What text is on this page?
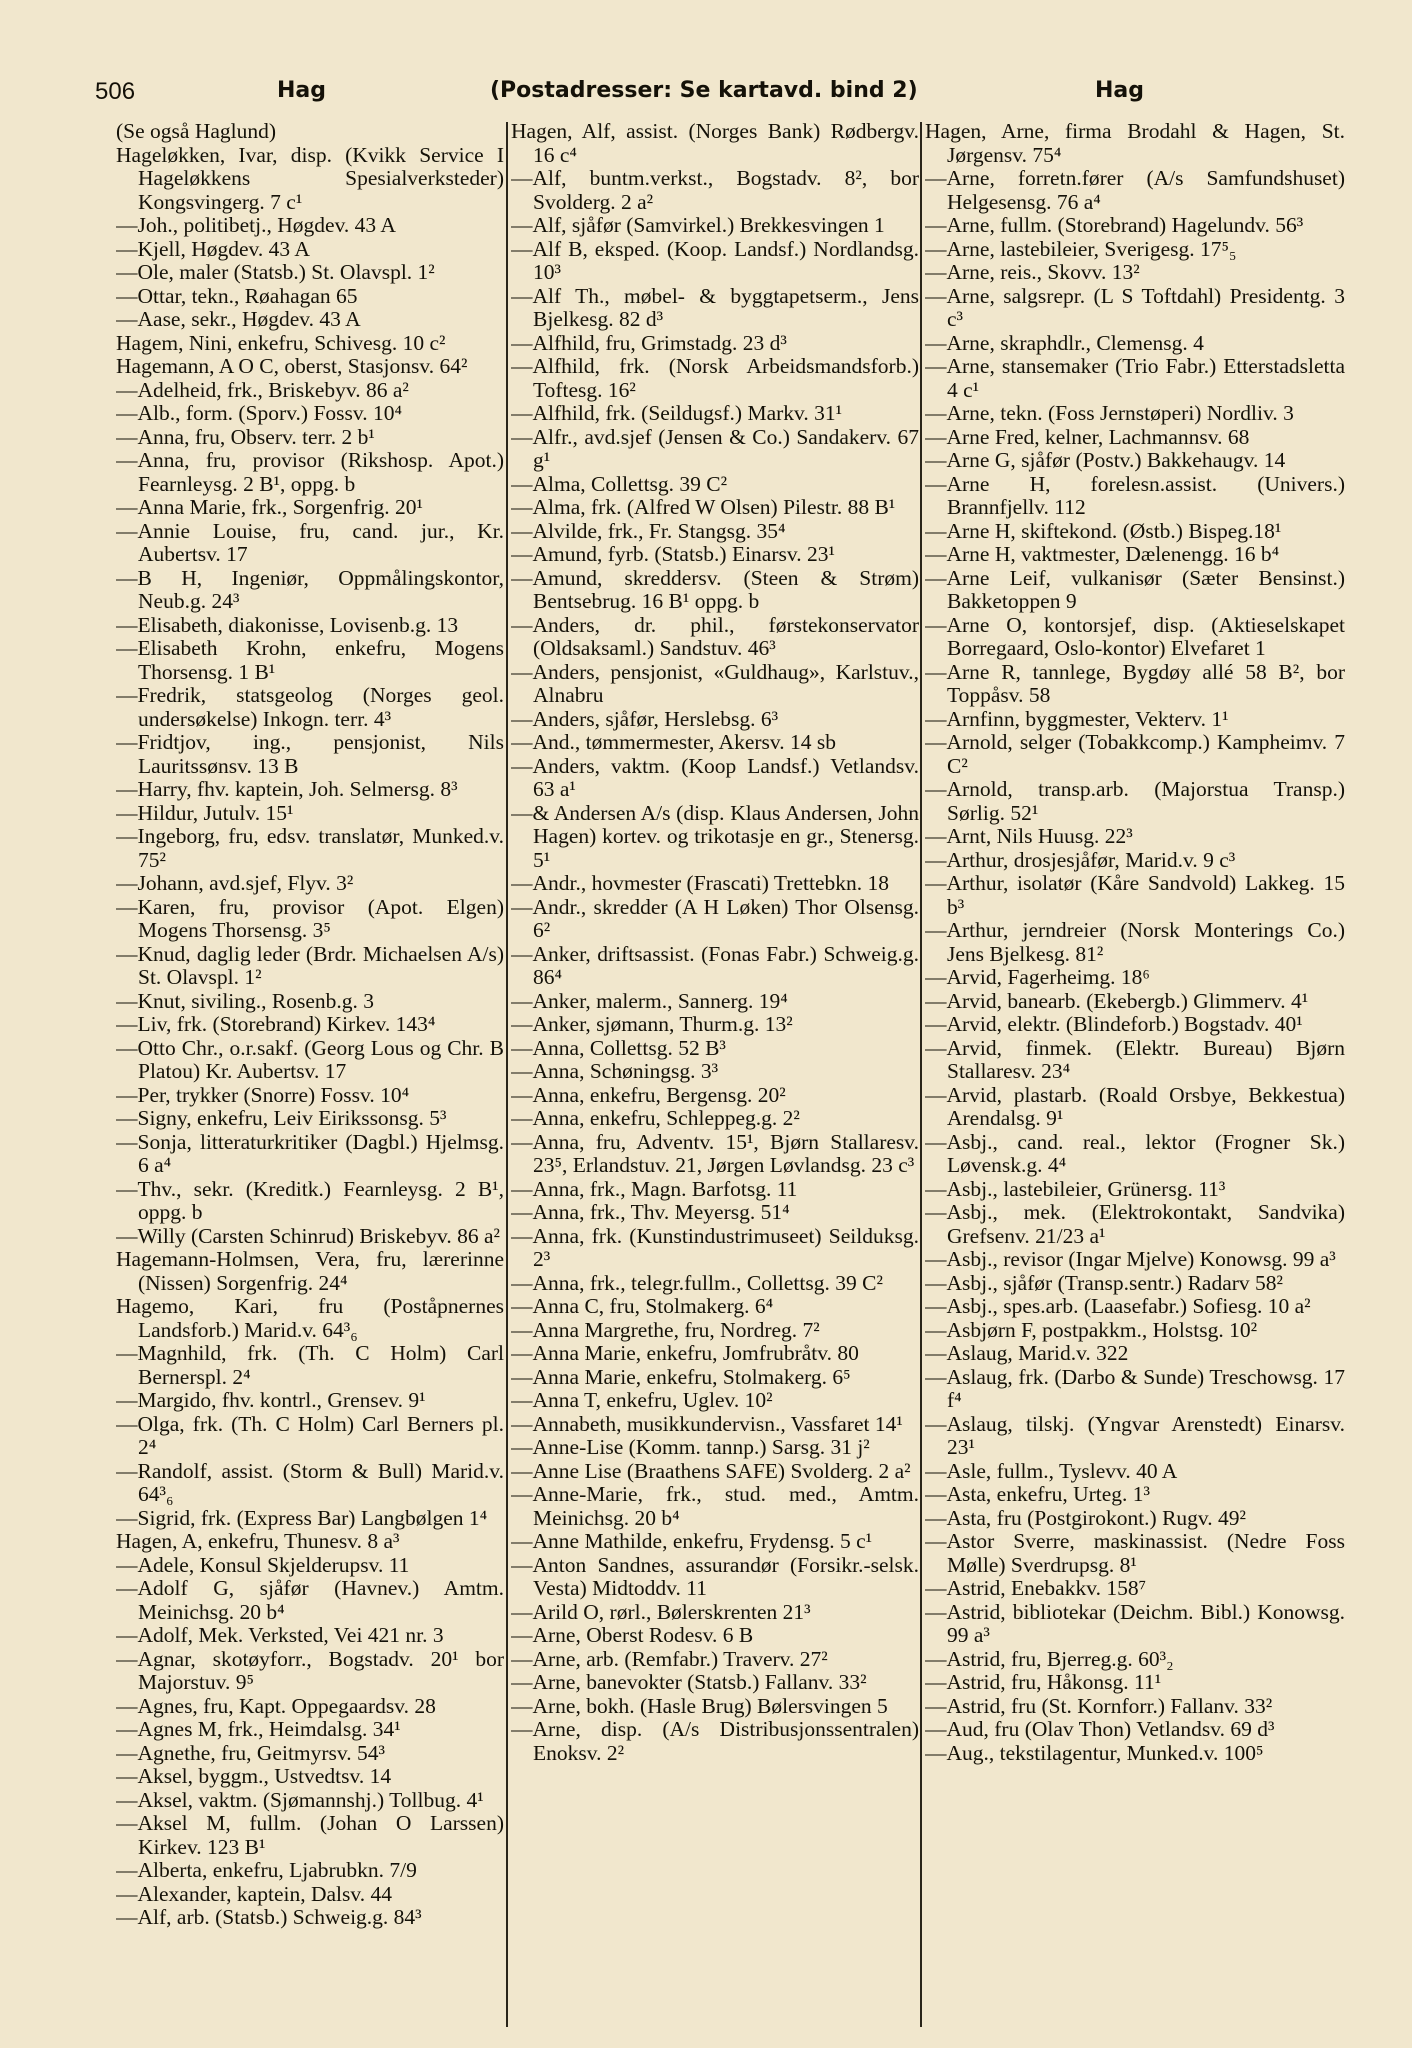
506	Hag	(Postadresser: Se kartavd. bind 2)	Hag

(Se også Haglund)

Hageløkken, Ivar, disp. (Kvikk Service I Hageløkkens Spesialverksteder) Kongsvingerg. 7 c¹

—Joh., politibetj., Høgdev. 43 A

—Kjell, Høgdev. 43 A

—Ole, maler (Statsb.) St. Olavspl. 1²

—Ottar, tekn., Røahagan 65

—Aase, sekr., Høgdev. 43 A

Hagem, Nini, enkefru, Schivesg. 10 c²

Hagemann, A O C, oberst, Stasjonsv. 64²

—Adelheid, frk., Briskebyv. 86 a²

—Alb., form. (Sporv.) Fossv. 10⁴

—Anna, fru, Observ. terr. 2 b¹

—Anna, fru, provisor (Rikshosp. Apot.) Fearnleysg. 2 B¹, oppg. b

—Anna Marie, frk., Sorgenfrig. 20¹

—Annie Louise, fru, cand. jur., Kr. Aubertsv. 17

—B H, Ingeniør, Oppmålingskontor, Neub.g. 24³

—Elisabeth, diakonisse, Lovisenb.g. 13

—Elisabeth Krohn, enkefru, Mogens Thorsensg. 1 B¹

—Fredrik, statsgeolog (Norges geol. undersøkelse) Inkogn. terr. 4³

—Fridtjov, ing., pensjonist, Nils Lauritssønsv. 13 B

—Harry, fhv. kaptein, Joh. Selmersg. 8³

—Hildur, Jutulv. 15¹

—Ingeborg, fru, edsv. translatør, Munked.v. 75²

—Johann, avd.sjef, Flyv. 3²

—Karen, fru, provisor (Apot. Elgen) Mogens Thorsensg. 3⁵

—Knud, daglig leder (Brdr. Michaelsen A/s) St. Olavspl. 1²

—Knut, siviling., Rosenb.g. 3

—Liv, frk. (Storebrand) Kirkev. 143⁴

—Otto Chr., o.r.sakf. (Georg Lous og Chr. B Platou) Kr. Aubertsv. 17

—Per, trykker (Snorre) Fossv. 10⁴

—Signy, enkefru, Leiv Eirikssonsg. 5³

—Sonja, litteraturkritiker (Dagbl.) Hjelmsg. 6 a⁴

—Thv., sekr. (Kreditk.) Fearnleysg. 2 B¹, oppg. b

—Willy (Carsten Schinrud) Briskebyv. 86 a²

Hagemann-Holmsen, Vera, fru, lærerinne (Nissen) Sorgenfrig. 24⁴

Hagemo, Kari, fru (Poståpnernes Landsforb.) Marid.v. 64³₆

—Magnhild, frk. (Th. C Holm) Carl Bernerspl. 2⁴

—Margido, fhv. kontrl., Grensev. 9¹

—Olga, frk. (Th. C Holm) Carl Berners pl. 2⁴

—Randolf, assist. (Storm & Bull) Marid.v. 64³₆

—Sigrid, frk. (Express Bar) Langbølgen 1⁴

Hagen, A, enkefru, Thunesv. 8 a³

—Adele, Konsul Skjelderupsv. 11

—Adolf G, sjåfør (Havnev.) Amtm. Meinichsg. 20 b⁴

—Adolf, Mek. Verksted, Vei 421 nr. 3

—Agnar, skotøyforr., Bogstadv. 20¹ bor Majorstuv. 9⁵

—Agnes, fru, Kapt. Oppegaardsv. 28

—Agnes M, frk., Heimdalsg. 34¹

—Agnethe, fru, Geitmyrsv. 54³

—Aksel, byggm., Ustvedtsv. 14

—Aksel, vaktm. (Sjømannshj.) Tollbug. 4¹

—Aksel M, fullm. (Johan O Larssen) Kirkev. 123 B¹

—Alberta, enkefru, Ljabrubkn. 7/9

—Alexander, kaptein, Dalsv. 44

—Alf, arb. (Statsb.) Schweig.g. 84³

Hagen, Alf, assist. (Norges Bank) Rødbergv. 16 c⁴

—Alf, buntm.verkst., Bogstadv. 8², bor Svolderg. 2 a²

—Alf, sjåfør (Samvirkel.) Brekkesvingen 1

—Alf B, eksped. (Koop. Landsf.) Nordlandsg. 10³

—Alf Th., møbel- & byggtapetserm., Jens Bjelkesg. 82 d³

—Alfhild, fru, Grimstadg. 23 d³

—Alfhild, frk. (Norsk Arbeidsmandsforb.) Toftesg. 16²

—Alfhild, frk. (Seildugsf.) Markv. 31¹

—Alfr., avd.sjef (Jensen & Co.) Sandakerv. 67 g¹

—Alma, Collettsg. 39 C²

—Alma, frk. (Alfred W Olsen) Pilestr. 88 B¹

—Alvilde, frk., Fr. Stangsg. 35⁴

—Amund, fyrb. (Statsb.) Einarsv. 23¹

—Amund, skreddersv. (Steen & Strøm) Bentsebrug. 16 B¹ oppg. b

—Anders, dr. phil., førstekonservator (Oldsaksaml.) Sandstuv. 46³

—Anders, pensjonist, «Guldhaug», Karlstuv., Alnabru

—Anders, sjåfør, Herslebsg. 6³

—And., tømmermester, Akersv. 14 sb

—Anders, vaktm. (Koop Landsf.) Vetlandsv. 63 a¹

—& Andersen A/s (disp. Klaus Andersen, John Hagen) kortev. og trikotasje en gr., Stenersg. 5¹

—Andr., hovmester (Frascati) Trettebkn. 18

—Andr., skredder (A H Løken) Thor Olsensg. 6²

—Anker, driftsassist. (Fonas Fabr.) Schweig.g. 86⁴

—Anker, malerm., Sannerg. 19⁴

—Anker, sjømann, Thurm.g. 13²

—Anna, Collettsg. 52 B³

—Anna, Schøningsg. 3³

—Anna, enkefru, Bergensg. 20²

—Anna, enkefru, Schleppeg.g. 2²

—Anna, fru, Adventv. 15¹, Bjørn Stallaresv. 23⁵, Erlandstuv. 21, Jørgen Løvlandsg. 23 c³

—Anna, frk., Magn. Barfotsg. 11

—Anna, frk., Thv. Meyersg. 51⁴

—Anna, frk. (Kunstindustrimuseet) Seilduksg. 2³

—Anna, frk., telegr.fullm., Collettsg. 39 C²

—Anna C, fru, Stolmakerg. 6⁴

—Anna Margrethe, fru, Nordreg. 7²

—Anna Marie, enkefru, Jomfrubråtv. 80

—Anna Marie, enkefru, Stolmakerg. 6⁵

—Anna T, enkefru, Uglev. 10²

—Annabeth, musikkundervisn., Vassfaret 14¹

—Anne-Lise (Komm. tannp.) Sarsg. 31 j²

—Anne Lise (Braathens SAFE) Svolderg. 2 a²

—Anne-Marie, frk., stud. med., Amtm. Meinichsg. 20 b⁴

—Anne Mathilde, enkefru, Frydensg. 5 c¹

—Anton Sandnes, assurandør (Forsikr.-selsk. Vesta) Midtoddv. 11

—Arild O, rørl., Bølerskrenten 21³

—Arne, Oberst Rodesv. 6 B

—Arne, arb. (Remfabr.) Traverv. 27²

—Arne, banevokter (Statsb.) Fallanv. 33²

—Arne, bokh. (Hasle Brug) Bølersvingen 5

—Arne, disp. (A/s Distribusjonssentralen) Enoksv. 2²

Hagen, Arne, firma Brodahl & Hagen, St. Jørgensv. 75⁴

—Arne, forretn.fører (A/s Samfundshuset) Helgesensg. 76 a⁴

—Arne, fullm. (Storebrand) Hagelundv. 56³

—Arne, lastebileier, Sverigesg. 17⁵₅

—Arne, reis., Skovv. 13²

—Arne, salgsrepr. (L S Toftdahl) Presidentg. 3 c³

—Arne, skraphdlr., Clemensg. 4

—Arne, stansemaker (Trio Fabr.) Etterstadsletta 4 c¹

—Arne, tekn. (Foss Jernstøperi) Nordliv. 3

—Arne Fred, kelner, Lachmannsv. 68

—Arne G, sjåfør (Postv.) Bakkehaugv. 14

—Arne H, forelesn.assist. (Univers.) Brannfjellv. 112

—Arne H, skiftekond. (Østb.) Bispeg.18¹

—Arne H, vaktmester, Dælenengg. 16 b⁴

—Arne Leif, vulkanisør (Sæter Bensinst.) Bakketoppen 9

—Arne O, kontorsjef, disp. (Aktieselskapet Borregaard, Oslo-kontor) Elvefaret 1

—Arne R, tannlege, Bygdøy allé 58 B², bor Toppåsv. 58

—Arnfinn, byggmester, Vekterv. 1¹

—Arnold, selger (Tobakkcomp.) Kampheimv. 7 C²

—Arnold, transp.arb. (Majorstua Transp.) Sørlig. 52¹

—Arnt, Nils Huusg. 22³

—Arthur, drosjesjåfør, Marid.v. 9 c³

—Arthur, isolatør (Kåre Sandvold) Lakkeg. 15 b³

—Arthur, jerndreier (Norsk Monterings Co.) Jens Bjelkesg. 81²

—Arvid, Fagerheimg. 18⁶

—Arvid, banearb. (Ekebergb.) Glimmerv. 4¹

—Arvid, elektr. (Blindeforb.) Bogstadv. 40¹

—Arvid, finmek. (Elektr. Bureau) Bjørn Stallaresv. 23⁴

—Arvid, plastarb. (Roald Orsbye, Bekkestua) Arendalsg. 9¹

—Asbj., cand. real., lektor (Frogner Sk.) Løvensk.g. 4⁴

—Asbj., lastebileier, Grünersg. 11³

—Asbj., mek. (Elektrokontakt, Sandvika) Grefsenv. 21/23 a¹

—Asbj., revisor (Ingar Mjelve) Konowsg. 99 a³

—Asbj., sjåfør (Transp.sentr.) Radarv 58²

—Asbj., spes.arb. (Laasefabr.) Sofiesg. 10 a²

—Asbjørn F, postpakkm., Holstsg. 10²

—Aslaug, Marid.v. 322

—Aslaug, frk. (Darbo & Sunde) Treschowsg. 17 f⁴

—Aslaug, tilskj. (Yngvar Arenstedt) Einarsv. 23¹

—Asle, fullm., Tyslevv. 40 A

—Asta, enkefru, Urteg. 1³

—Asta, fru (Postgirokont.) Rugv. 49²

—Astor Sverre, maskinassist. (Nedre Foss Mølle) Sverdrupsg. 8¹

—Astrid, Enebakkv. 158⁷

—Astrid, bibliotekar (Deichm. Bibl.) Konowsg. 99 a³

—Astrid, fru, Bjerreg.g. 60³₂

—Astrid, fru, Håkonsg. 11¹

—Astrid, fru (St. Kornforr.) Fallanv. 33²

—Aud, fru (Olav Thon) Vetlandsv. 69 d³

—Aug., tekstilagentur, Munked.v. 100⁵
